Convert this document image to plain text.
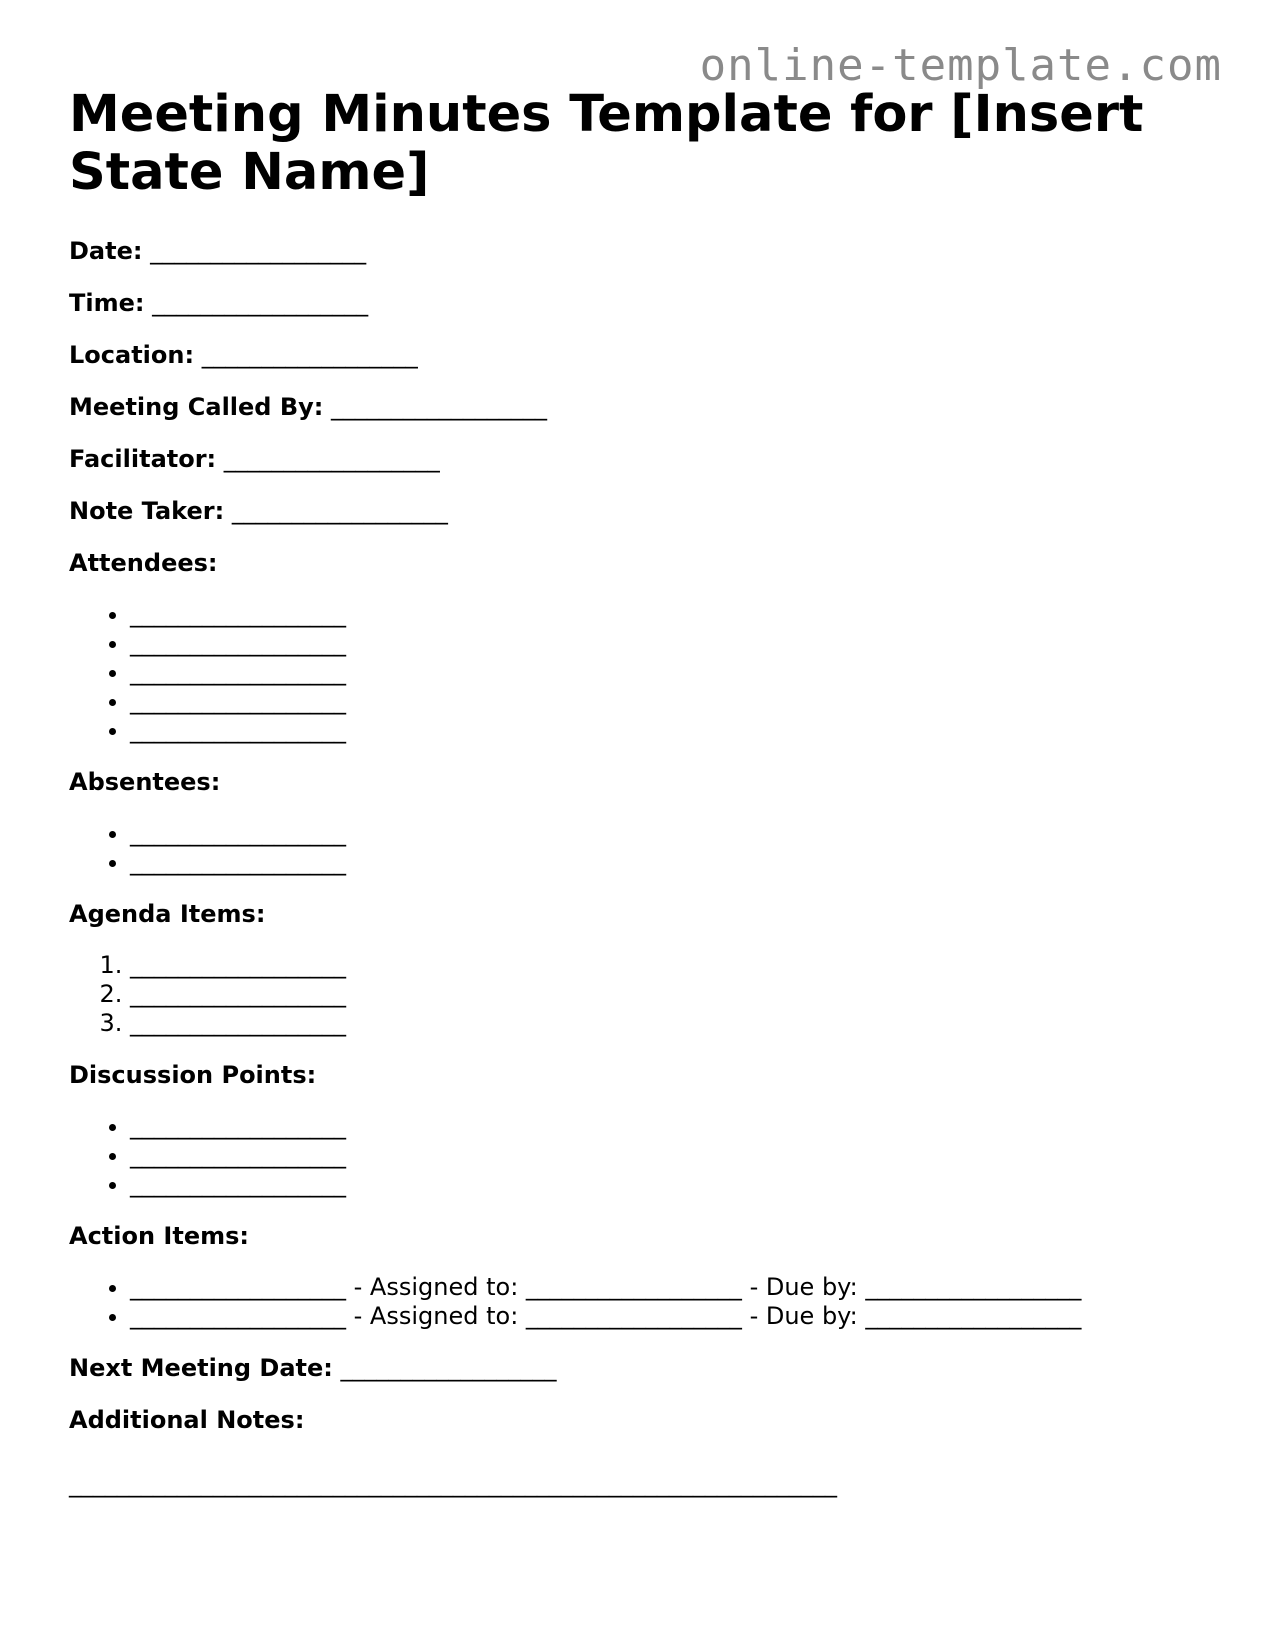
online-template.com
Meeting Minutes Template for [Insert State Name]

Date: __________________

Time: __________________

Location: __________________

Meeting Called By: __________________

Facilitator: __________________

Note Taker: __________________

Attendees:

• __________________
• __________________
• __________________
• __________________
• __________________

Absentees:

• __________________
• __________________

Agenda Items:

1. __________________
2. __________________
3. __________________

Discussion Points:

• __________________
• __________________
• __________________

Action Items:

• __________________ - Assigned to: __________________ - Due by: __________________
• __________________ - Assigned to: __________________ - Due by: __________________

Next Meeting Date: __________________

Additional Notes:

________________________________________________________________
